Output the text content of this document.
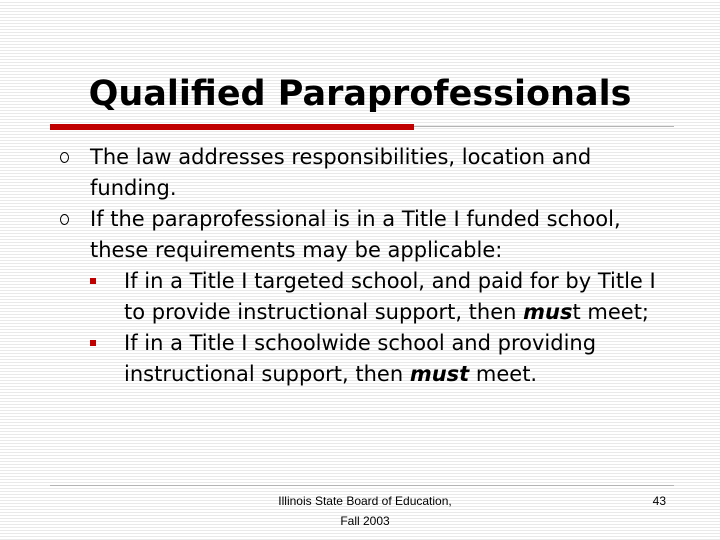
Qualified Paraprofessionals
The law addresses responsibilities, location and funding.
If the paraprofessional is in a Title I funded school, these requirements may be applicable:
If in a Title I targeted school, and paid for by Title I to provide instructional support, then must meet;
If in a Title I schoolwide school and providing instructional support, then must meet.
Illinois State Board of Education,
Fall 2003
43
